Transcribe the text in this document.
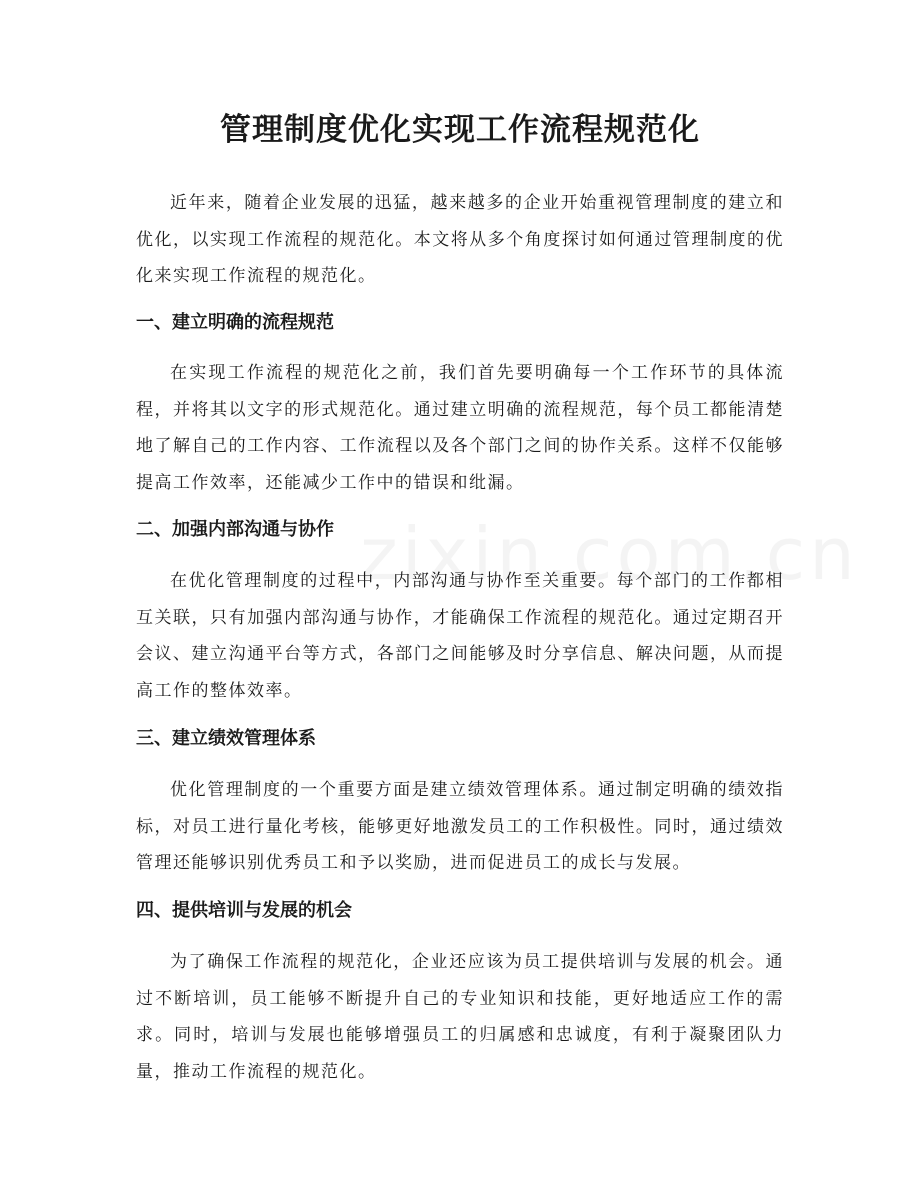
管理制度优化实现工作流程规范化

近年来，随着企业发展的迅猛，越来越多的企业开始重视管理制度的建立和优化，以实现工作流程的规范化。本文将从多个角度探讨如何通过管理制度的优化来实现工作流程的规范化。

一、建立明确的流程规范

在实现工作流程的规范化之前，我们首先要明确每一个工作环节的具体流程，并将其以文字的形式规范化。通过建立明确的流程规范，每个员工都能清楚地了解自己的工作内容、工作流程以及各个部门之间的协作关系。这样不仅能够提高工作效率，还能减少工作中的错误和纰漏。

二、加强内部沟通与协作

在优化管理制度的过程中，内部沟通与协作至关重要。每个部门的工作都相互关联，只有加强内部沟通与协作，才能确保工作流程的规范化。通过定期召开会议、建立沟通平台等方式，各部门之间能够及时分享信息、解决问题，从而提高工作的整体效率。

三、建立绩效管理体系

优化管理制度的一个重要方面是建立绩效管理体系。通过制定明确的绩效指标，对员工进行量化考核，能够更好地激发员工的工作积极性。同时，通过绩效管理还能够识别优秀员工和予以奖励，进而促进员工的成长与发展。

四、提供培训与发展的机会

为了确保工作流程的规范化，企业还应该为员工提供培训与发展的机会。通过不断培训，员工能够不断提升自己的专业知识和技能，更好地适应工作的需求。同时，培训与发展也能够增强员工的归属感和忠诚度，有利于凝聚团队力量，推动工作流程的规范化。
